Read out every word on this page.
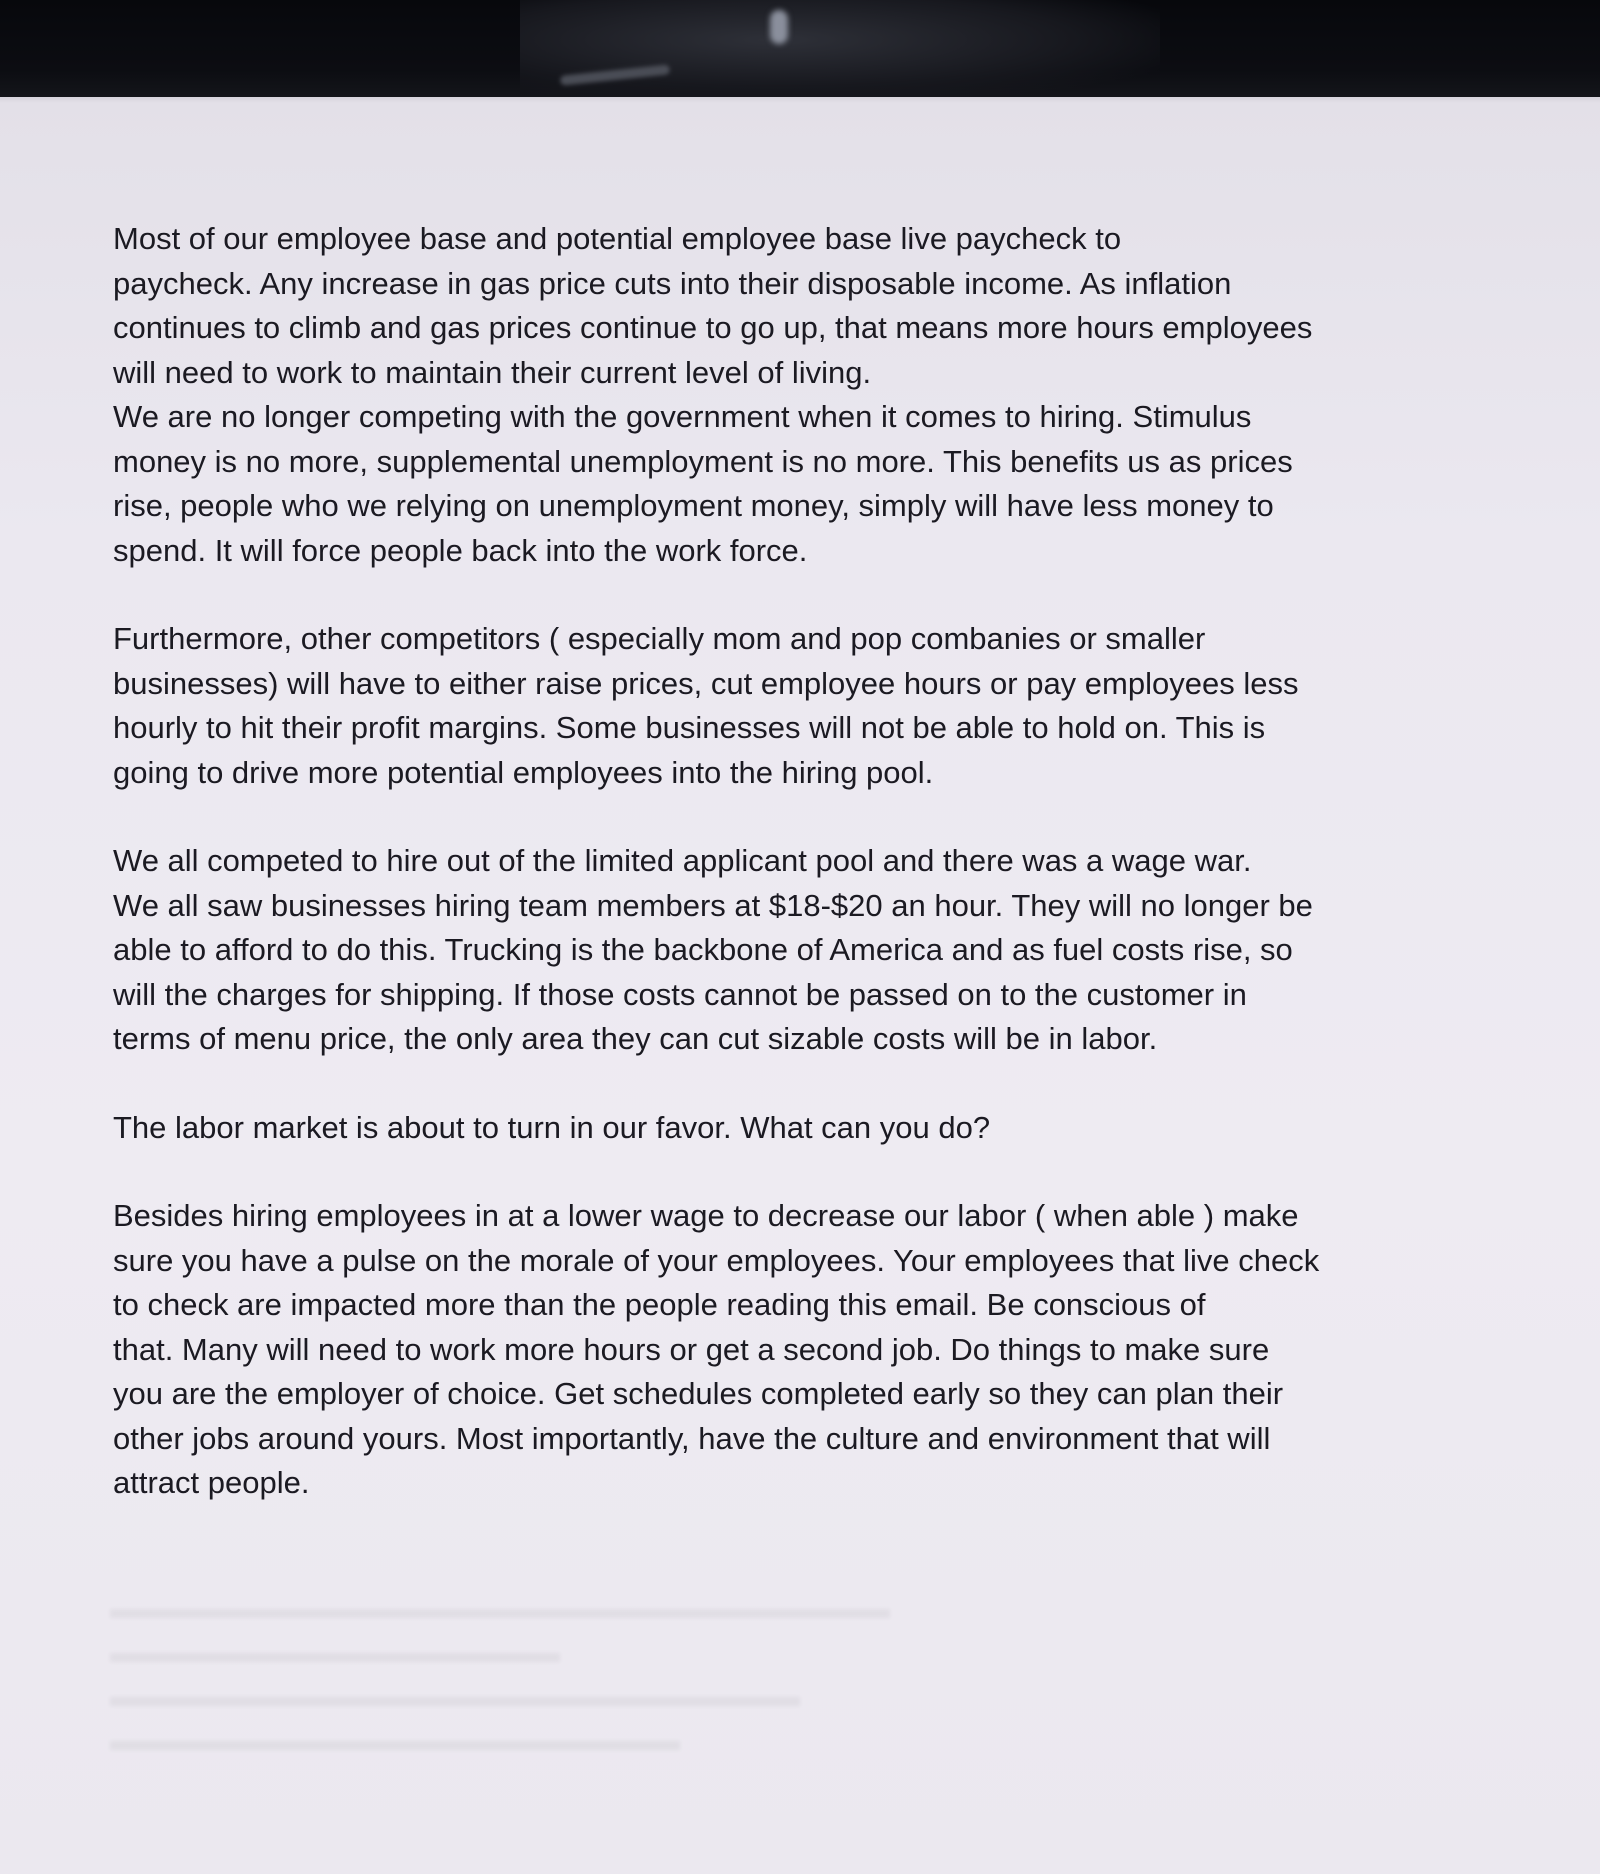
Most of our employee base and potential employee base live paycheck to
paycheck. Any increase in gas price cuts into their disposable income. As inflation
continues to climb and gas prices continue to go up, that means more hours employees
will need to work to maintain their current level of living.
We are no longer competing with the government when it comes to hiring. Stimulus
money is no more, supplemental unemployment is no more. This benefits us as prices
rise, people who we relying on unemployment money, simply will have less money to
spend. It will force people back into the work force.
Furthermore, other competitors ( especially mom and pop combanies or smaller
businesses) will have to either raise prices, cut employee hours or pay employees less
hourly to hit their profit margins. Some businesses will not be able to hold on. This is
going to drive more potential employees into the hiring pool.
We all competed to hire out of the limited applicant pool and there was a wage war.
We all saw businesses hiring team members at $18-$20 an hour. They will no longer be
able to afford to do this. Trucking is the backbone of America and as fuel costs rise, so
will the charges for shipping. If those costs cannot be passed on to the customer in
terms of menu price, the only area they can cut sizable costs will be in labor.
The labor market is about to turn in our favor. What can you do?
Besides hiring employees in at a lower wage to decrease our labor ( when able ) make
sure you have a pulse on the morale of your employees. Your employees that live check
to check are impacted more than the people reading this email. Be conscious of
that. Many will need to work more hours or get a second job. Do things to make sure
you are the employer of choice. Get schedules completed early so they can plan their
other jobs around yours. Most importantly, have the culture and environment that will
attract people.
▬▬▬▬▬▬▬▬▬▬▬▬▬▬▬▬▬▬▬▬▬▬▬▬▬▬
▬▬▬▬▬▬▬▬▬▬▬▬▬▬▬
▬▬▬▬▬▬▬▬▬▬▬▬▬▬▬▬▬▬▬▬▬▬▬
▬▬▬▬▬▬▬▬▬▬▬▬▬▬▬▬▬▬▬
